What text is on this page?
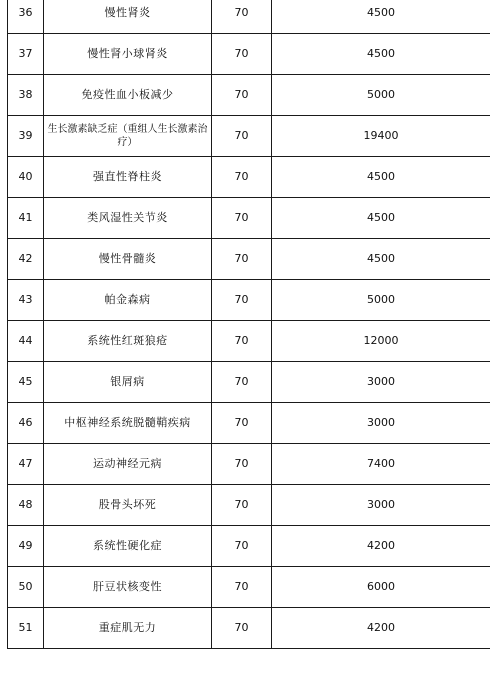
36	慢性肾炎	70	4500
37	慢性肾小球肾炎	70	4500
38	免疫性血小板减少	70	5000
39	生长激素缺乏症（重组人生长激素治疗）	70	19400
40	强直性脊柱炎	70	4500
41	类风湿性关节炎	70	4500
42	慢性骨髓炎	70	4500
43	帕金森病	70	5000
44	系统性红斑狼疮	70	12000
45	银屑病	70	3000
46	中枢神经系统脱髓鞘疾病	70	3000
47	运动神经元病	70	7400
48	股骨头坏死	70	3000
49	系统性硬化症	70	4200
50	肝豆状核变性	70	6000
51	重症肌无力	70	4200
